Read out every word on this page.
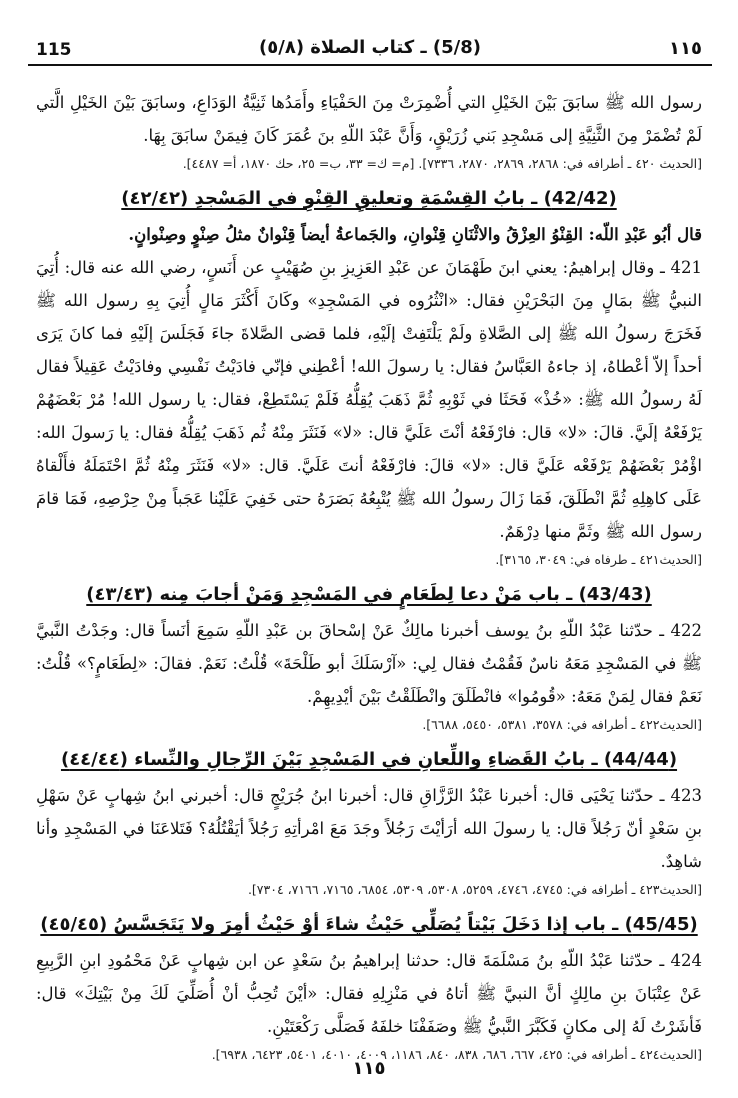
115	(5/8) ـ كتاب الصلاة (٥/٨)	١١٥

رسول الله ﷺ سابَقَ بَيْنَ الخَيْلِ التي أُضْمِرَتْ مِنَ الحَفْيَاءِ وأَمَدُها ثَنِيَّةُ الوَدَاعِ، وسابَقَ بَيْنَ الخَيْلِ الَّتي لَمْ تُضْمَرْ مِنَ الثَّنِيَّةِ إلى مَسْجِدِ بَني زُرَيْقٍ، وَأَنَّ عَبْدَ اللّهِ بنَ عُمَرَ كَانَ فِيمَنْ سابَقَ بِهَا.

[الحديث ٤٢٠ ـ أطرافه في: ٢٨٦٨، ٢٨٦٩، ٢٨٧٠، ٧٣٣٦]. [م= ك= ٣٣، ب= ٢٥، حك ١٨٧٠، أ= ٤٤٨٧].

(42/42) ـ بابُ القِسْمَةِ وتعليقِ القِنْوِ في المَسْجدِ (٤٢/٤٢)

قال أبُو عَبْدِ اللّه: القِنْوُ العِزْقُ والاثْنَانِ قِنْوانِ، والجَماعةُ أيضاً قِنْوانٌ مثلُ صِنْوٍ وصِنْوانٍ.

421 ـ وقال إبراهيمُ: يعني ابنَ طَهْمَانَ عن عَبْدِ العَزِيزِ بنِ صُهَيْبٍ عن أَنَسٍ، رضي الله عنه قال: أُتِيَ النبيُّ ﷺ بمَالٍ مِنَ البَحْرَيْنِ فقال: «انْثُرُوه في المَسْجِدِ» وكَانَ أَكْثَرَ مَالٍ أُتِيَ بِهِ رسول الله ﷺ فَخَرَجَ رسولُ الله ﷺ إلى الصَّلاةِ ولَمْ يَلْتَفِتْ إلَيْهِ، فلما قضى الصَّلاةَ جاءَ فَجَلَسَ إلَيْهِ فما كانَ يَرَى أحداً إلاّ أعْطاهُ، إذ جاءهُ العَبَّاسُ فقال: يا رسولَ الله! أعْطِني فإنّي فادَيْتُ نَفْسِي وفادَيْتُ عَقِيلاً فقال لَهُ رسولُ الله ﷺ: «خُذْ» فَحَثَا في ثَوْبِهِ ثُمَّ ذَهَبَ يُقِلُّهُ فَلَمْ يَسْتَطِعْ، فقال: يا رسول الله! مُرْ بَعْضَهُمْ يَرْفَعْهُ إلَيَّ. قالَ: «لا» قال: فارْفَعْهُ أنْتَ عَلَيَّ قال: «لا» فَنَثَرَ مِنْهُ ثُم ذَهَبَ يُقِلُّهُ فقال: يا رَسولَ الله: اؤْمُرْ بَعْضَهُمْ يَرْفَعْه عَلَيَّ قال: «لا» قالَ: فارْفَعْهُ أنتَ عَلَيَّ. قال: «لا» فَنَثَرَ مِنْهُ ثُمَّ احْتَمَلَهُ فأَلْقاهُ عَلَى كاهِلِهِ ثُمَّ انْطَلَقَ، فَمَا زَالَ رسولُ الله ﷺ يُتْبِعُهُ بَصَرَهُ حتى خَفِيَ عَلَيْنا عَجَباً مِنْ حِرْصِهِ، فَمَا قامَ رسول الله ﷺ وثَمَّ منها دِرْهَمٌ.

[الحديث٤٢١ ـ طرفاه في: ٣٠٤٩، ٣١٦٥].

(43/43) ـ باب مَنْ دعا لِطَعَامٍ في المَسْجِدِ وَمَنْ أجابَ مِنه (٤٣/٤٣)

422 ـ حدّثنا عَبْدُ اللّهِ بنُ يوسف أخبرنا مالِكٌ عَنْ إسْحاقَ بن عَبْدِ اللّهِ سَمِعَ أنَساً قال: وجَدْتُ النَّبيَّ ﷺ في المَسْجِدِ مَعَهُ ناسٌ فَقُمْتُ فقال لِي: «آرْسَلَكَ أبو طَلْحَةَ» قُلْتُ: نَعَمْ. فقالَ: «لِطَعَامٍ؟» قُلْتُ: نَعَمْ فقال لِمَنْ مَعَهُ: «قُومُوا» فانْطَلَقَ وانْطَلَقْتُ بَيْنَ أيْدِيهِمْ.

[الحديث٤٢٢ ـ أطرافه في: ٣٥٧٨، ٥٣٨١، ٥٤٥٠، ٦٦٨٨].

(44/44) ـ بابُ القَضاءِ واللِّعانِ في المَسْجِدِ بَيْنَ الرِّجالِ والنِّساء (٤٤/٤٤)

423 ـ حدّثنا يَحْيَى قال: أخبرنا عَبْدُ الرَّزَّاقِ قال: أخبرنا ابنُ جُرَيْجٍ قال: أخبرني ابنُ شِهابٍ عَنْ سَهْلِ بنِ سَعْدٍ أنّ رَجُلاً قال: يا رسولَ الله أرَأيْتَ رَجُلاً وجَدَ مَعَ امْرأتِهِ رَجُلاً أيَقْتُلُهُ؟ فَتَلاعَنَا في المَسْجِدِ وأنا شاهِدٌ.

[الحديث٤٢٣ ـ أطرافه في: ٤٧٤٥، ٤٧٤٦، ٥٢٥٩، ٥٣٠٨، ٥٣٠٩، ٦٨٥٤، ٧١٦٥، ٧١٦٦، ٧٣٠٤].

(45/45) ـ باب إذا دَخَلَ بَيْتاً يُصَلِّي حَيْثُ شاءَ أوْ حَيْثُ أمِرَ ولا يَتَجَسَّسُ (٤٥/٤٥)

424 ـ حدّثنا عَبْدُ اللّهِ بنُ مَسْلَمَةَ قال: حدثنا إبراهيمُ بنُ سَعْدٍ عن ابن شِهابٍ عَنْ مَحْمُودِ ابنِ الرَّبِيعِ عَنْ عِتْبَانَ بنِ مالِكٍ أنَّ النبيَّ ﷺ أتاهُ في مَنْزِلِهِ فقال: «أيْنَ تُحِبُّ أنْ أُصَلِّيَ لَكَ مِنْ بَيْتِكَ» قال: فَأشَرْتُ لَهُ إلى مكانٍ فَكَبَّرَ النَّبيُّ ﷺ وصَفَفْنَا خلفَهُ فَصَلَّى رَكْعَتَيْنِ.

[الحديث٤٢٤ ـ أطرافه في: ٤٢٥، ٦٦٧، ٦٨٦، ٨٣٨، ٨٤٠، ١١٨٦، ٤٠٠٩، ٤٠١٠، ٥٤٠١، ٦٤٢٣، ٦٩٣٨].

١١٥
